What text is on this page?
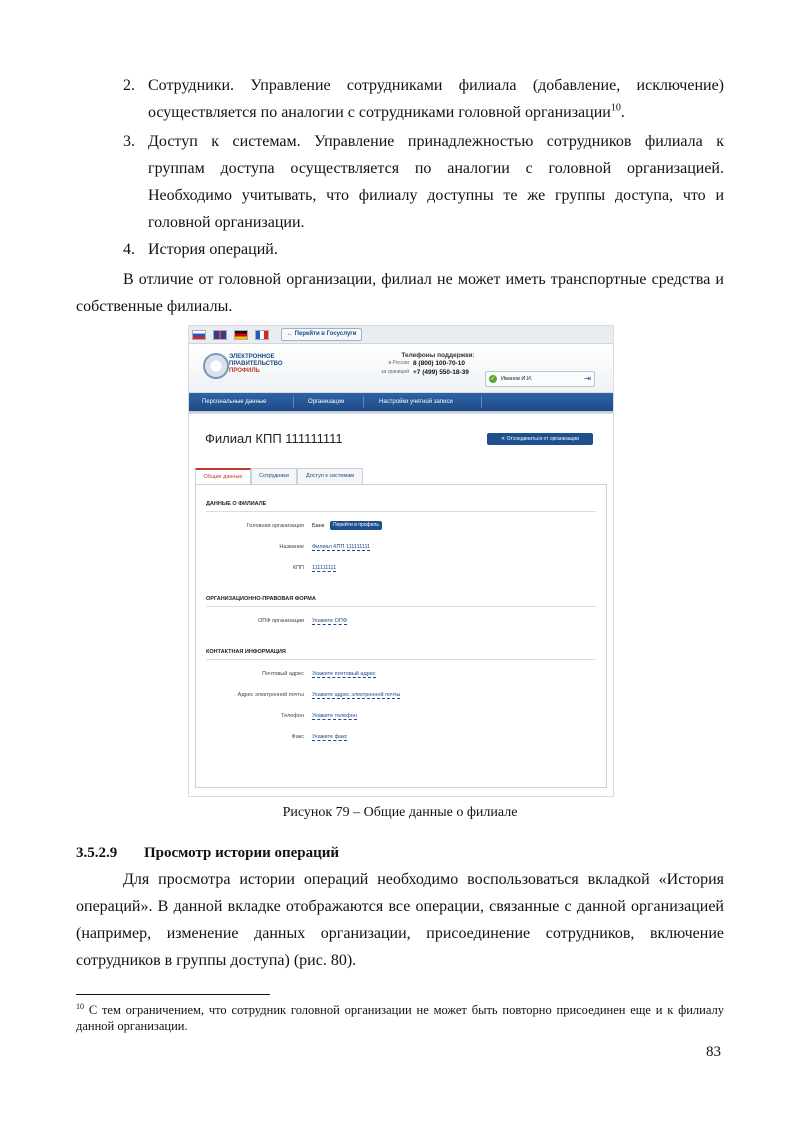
2. Сотрудники. Управление сотрудниками филиала (добавление, исключение)
осуществляется по аналогии с сотрудниками головной организации$^{10}$.
3. Доступ к системам. Управление принадлежностью сотрудников филиала к
группам доступа осуществляется по аналогии с головной организацией.
Необходимо учитывать, что филиалу доступны те же группы доступа, что и
головной организации.
4. История операций.
В отличие от головной организации, филиал не может иметь транспортные средства и
собственные филиалы.
← Перейти в Госуслуги
ЭЛЕКТРОННОЕ
ПРАВИТЕЛЬСТВО
ПРОФИЛЬ
Телефоны поддержки:
в России 8 (800) 100-70-10
за границей +7 (499) 550-18-39
✓ Иванов И.И.	⇥
Персональные данные	Организации	Настройки учетной записи
Филиал КПП 111111111	✕ Отсоединиться от организации
Общие данные	Сотрудники	Доступ к системам
ДАННЫЕ О ФИЛИАЛЕ
Головная организация Банк	Перейти в профиль
Название Филиал КПП 111111111
КПП 111111111
ОРГАНИЗАЦИОННО-ПРАВОВАЯ ФОРМА
ОПФ организации Укажите ОПФ
КОНТАКТНАЯ ИНФОРМАЦИЯ
Почтовый адрес Укажите почтовый адрес
Адрес электронной почты Укажите адрес электронной почты
Телефон Укажите телефон
Факс Укажите факс
Рисунок 79 – Общие данные о филиале
3.5.2.9 Просмотр истории операций
Для просмотра истории операций необходимо воспользоваться вкладкой «История
операций». В данной вкладке отображаются все операции, связанные с данной организацией
(например, изменение данных организации, присоединение сотрудников, включение
сотрудников в группы доступа) (рис. 80).
$^{10}$ С тем ограничением, что сотрудник головной организации не может быть повторно присоединен еще и к филиалу данной организации.
83
